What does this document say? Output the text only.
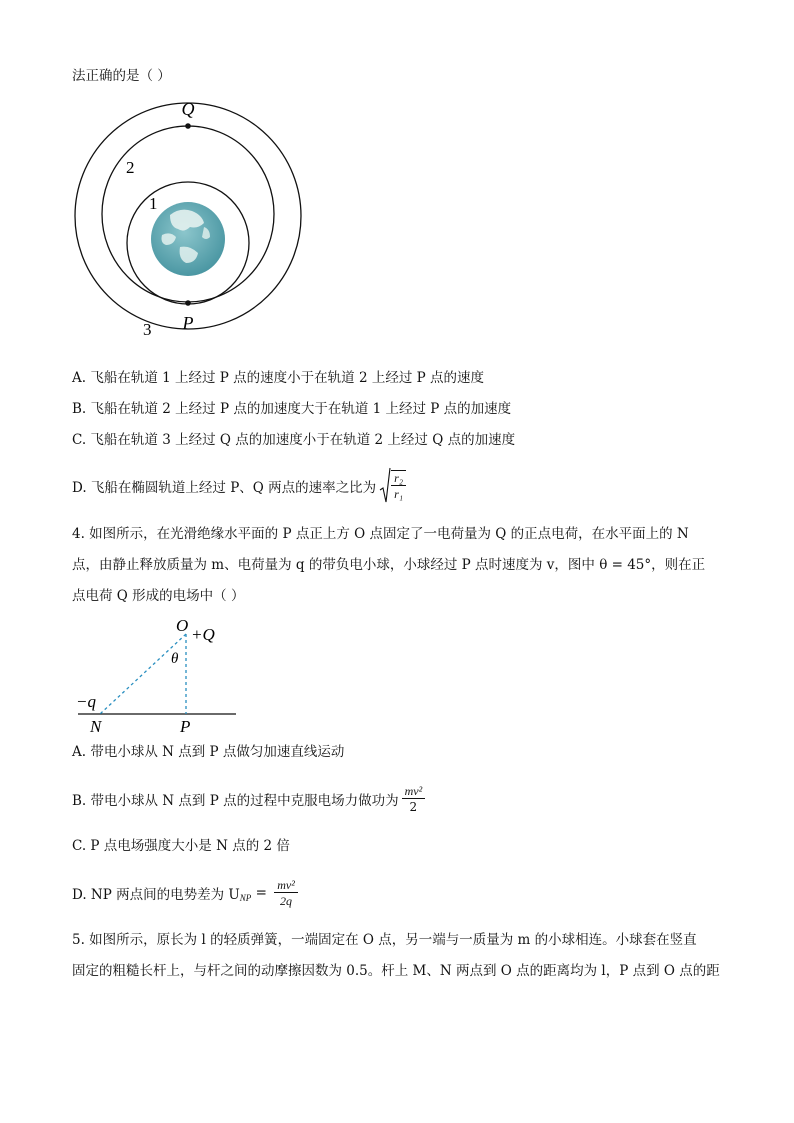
法正确的是（ ）
Q
P
2
1
3
A. 飞船在轨道 1 上经过 P 点的速度小于在轨道 2 上经过 P 点的速度
B. 飞船在轨道 2 上经过 P 点的加速度大于在轨道 1 上经过 P 点的加速度
C. 飞船在轨道 3 上经过 Q 点的加速度小于在轨道 2 上经过 Q 点的加速度
D. 飞船在椭圆轨道上经过 P、Q 两点的速率之比为 $\frac{\text{r₂}}{\text{r₁}}$
4. 如图所示，在光滑绝缘水平面的 P 点正上方 O 点固定了一电荷量为 Q 的正点电荷，在水平面上的 N
点，由静止释放质量为 m、电荷量为 q 的带负电小球，小球经过 P 点时速度为 v，图中 θ = 45°，则在正
点电荷 Q 形成的电场中（ ）
O +Q
θ
−q
N	P
A. 带电小球从 N 点到 P 点做匀加速直线运动
B. 带电小球从 N 点到 P 点的过程中克服电场力做功为 $\frac{\text{mv²}}{2}$
C. P 点电场强度大小是 N 点的 2 倍
D. NP 两点间的电势差为 $U_{NP} = \frac{\text{mv²}}{2q}$
5. 如图所示，原长为 l 的轻质弹簧，一端固定在 O 点，另一端与一质量为 m 的小球相连。小球套在竖直
固定的粗糙长杆上，与杆之间的动摩擦因数为 0.5。杆上 M、N 两点到 O 点的距离均为 l，P 点到 O 点的距
